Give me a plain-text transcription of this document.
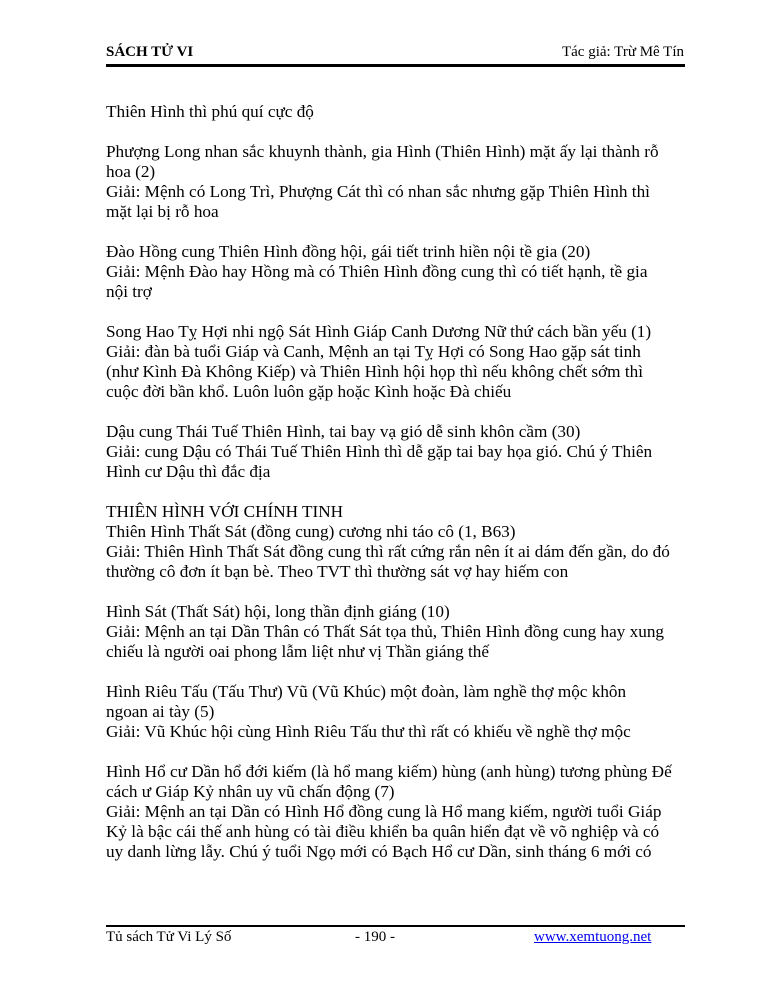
SÁCH TỬ VI	Tác giả: Trừ Mê Tín

Thiên Hình thì phú quí cực độ

Phượng Long nhan sắc khuynh thành, gia Hình (Thiên Hình) mặt ấy lại thành rỗ
hoa (2)
Giải: Mệnh có Long Trì, Phượng Cát thì có nhan sắc nhưng gặp Thiên Hình thì
mặt lại bị rỗ hoa

Đào Hồng cung Thiên Hình đồng hội, gái tiết trinh hiền nội tề gia (20)
Giải: Mệnh Đào hay Hồng mà có Thiên Hình đồng cung thì có tiết hạnh, tề gia
nội trợ

Song Hao Tỵ Hợi nhi ngộ Sát Hình Giáp Canh Dương Nữ thứ cách bần yếu (1)
Giải: đàn bà tuổi Giáp và Canh, Mệnh an tại Tỵ Hợi có Song Hao gặp sát tinh
(như Kình Đà Không Kiếp) và Thiên Hình hội họp thì nếu không chết sớm thì
cuộc đời bần khổ. Luôn luôn gặp hoặc Kình hoặc Đà chiếu

Dậu cung Thái Tuế Thiên Hình, tai bay vạ gió dễ sinh khôn cầm (30)
Giải: cung Dậu có Thái Tuế Thiên Hình thì dễ gặp tai bay họa gió. Chú ý Thiên
Hình cư Dậu thì đắc địa

THIÊN HÌNH VỚI CHÍNH TINH
Thiên Hình Thất Sát (đồng cung) cương nhi táo cô (1, B63)
Giải: Thiên Hình Thất Sát đồng cung thì rất cứng rắn nên ít ai dám đến gần, do đó
thường cô đơn ít bạn bè. Theo TVT thì thường sát vợ hay hiếm con

Hình Sát (Thất Sát) hội, long thần định giáng (10)
Giải: Mệnh an tại Dần Thân có Thất Sát tọa thủ, Thiên Hình đồng cung hay xung
chiếu là người oai phong lẫm liệt như vị Thần giáng thế

Hình Riêu Tấu (Tấu Thư) Vũ (Vũ Khúc) một đoàn, làm nghề thợ mộc khôn
ngoan ai tày (5)
Giải: Vũ Khúc hội cùng Hình Riêu Tấu thư thì rất có khiếu về nghề thợ mộc

Hình Hổ cư Dần hổ đới kiếm (là hổ mang kiếm) hùng (anh hùng) tương phùng Đế
cách ư Giáp Kỷ nhân uy vũ chấn động (7)
Giải: Mệnh an tại Dần có Hình Hổ đồng cung là Hổ mang kiếm, người tuổi Giáp
Kỷ là bậc cái thế anh hùng có tài điều khiển ba quân hiển đạt về võ nghiệp và có
uy danh lừng lẫy. Chú ý tuổi Ngọ mới có Bạch Hổ cư Dần, sinh tháng 6 mới có

Tủ sách Tử Vi Lý Số	- 190 -	www.xemtuong.net
